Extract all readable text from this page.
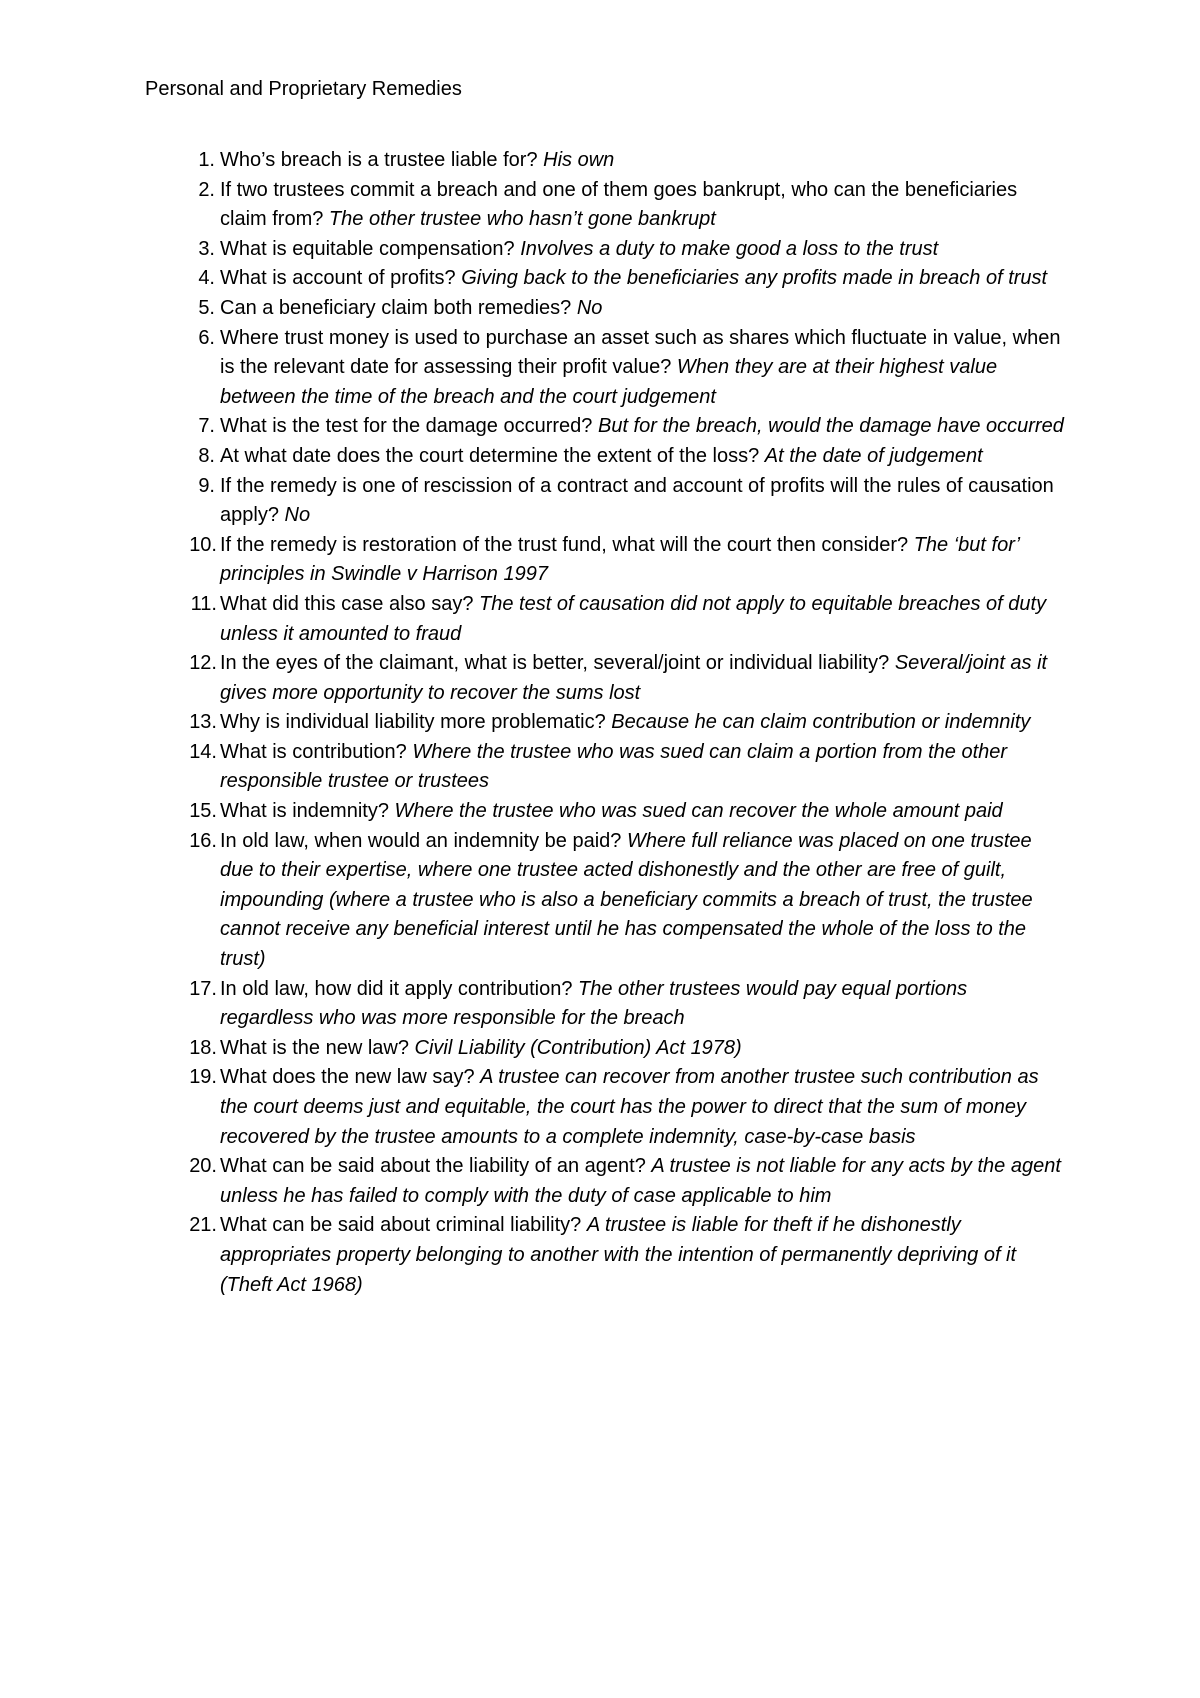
Personal and Proprietary Remedies
1. Who’s breach is a trustee liable for? His own
2. If two trustees commit a breach and one of them goes bankrupt, who can the beneficiaries claim from? The other trustee who hasn’t gone bankrupt
3. What is equitable compensation? Involves a duty to make good a loss to the trust
4. What is account of profits? Giving back to the beneficiaries any profits made in breach of trust
5. Can a beneficiary claim both remedies? No
6. Where trust money is used to purchase an asset such as shares which fluctuate in value, when is the relevant date for assessing their profit value? When they are at their highest value between the time of the breach and the court judgement
7. What is the test for the damage occurred? But for the breach, would the damage have occurred
8. At what date does the court determine the extent of the loss? At the date of judgement
9. If the remedy is one of rescission of a contract and account of profits will the rules of causation apply? No
10. If the remedy is restoration of the trust fund, what will the court then consider? The ‘but for’ principles in Swindle v Harrison 1997
11. What did this case also say? The test of causation did not apply to equitable breaches of duty unless it amounted to fraud
12. In the eyes of the claimant, what is better, several/joint or individual liability? Several/joint as it gives more opportunity to recover the sums lost
13. Why is individual liability more problematic? Because he can claim contribution or indemnity
14. What is contribution? Where the trustee who was sued can claim a portion from the other responsible trustee or trustees
15. What is indemnity? Where the trustee who was sued can recover the whole amount paid
16. In old law, when would an indemnity be paid? Where full reliance was placed on one trustee due to their expertise, where one trustee acted dishonestly and the other are free of guilt, impounding (where a trustee who is also a beneficiary commits a breach of trust, the trustee cannot receive any beneficial interest until he has compensated the whole of the loss to the trust)
17. In old law, how did it apply contribution? The other trustees would pay equal portions regardless who was more responsible for the breach
18. What is the new law? Civil Liability (Contribution) Act 1978)
19. What does the new law say? A trustee can recover from another trustee such contribution as the court deems just and equitable, the court has the power to direct that the sum of money recovered by the trustee amounts to a complete indemnity, case-by-case basis
20. What can be said about the liability of an agent? A trustee is not liable for any acts by the agent unless he has failed to comply with the duty of case applicable to him
21. What can be said about criminal liability? A trustee is liable for theft if he dishonestly appropriates property belonging to another with the intention of permanently depriving of it (Theft Act 1968)
